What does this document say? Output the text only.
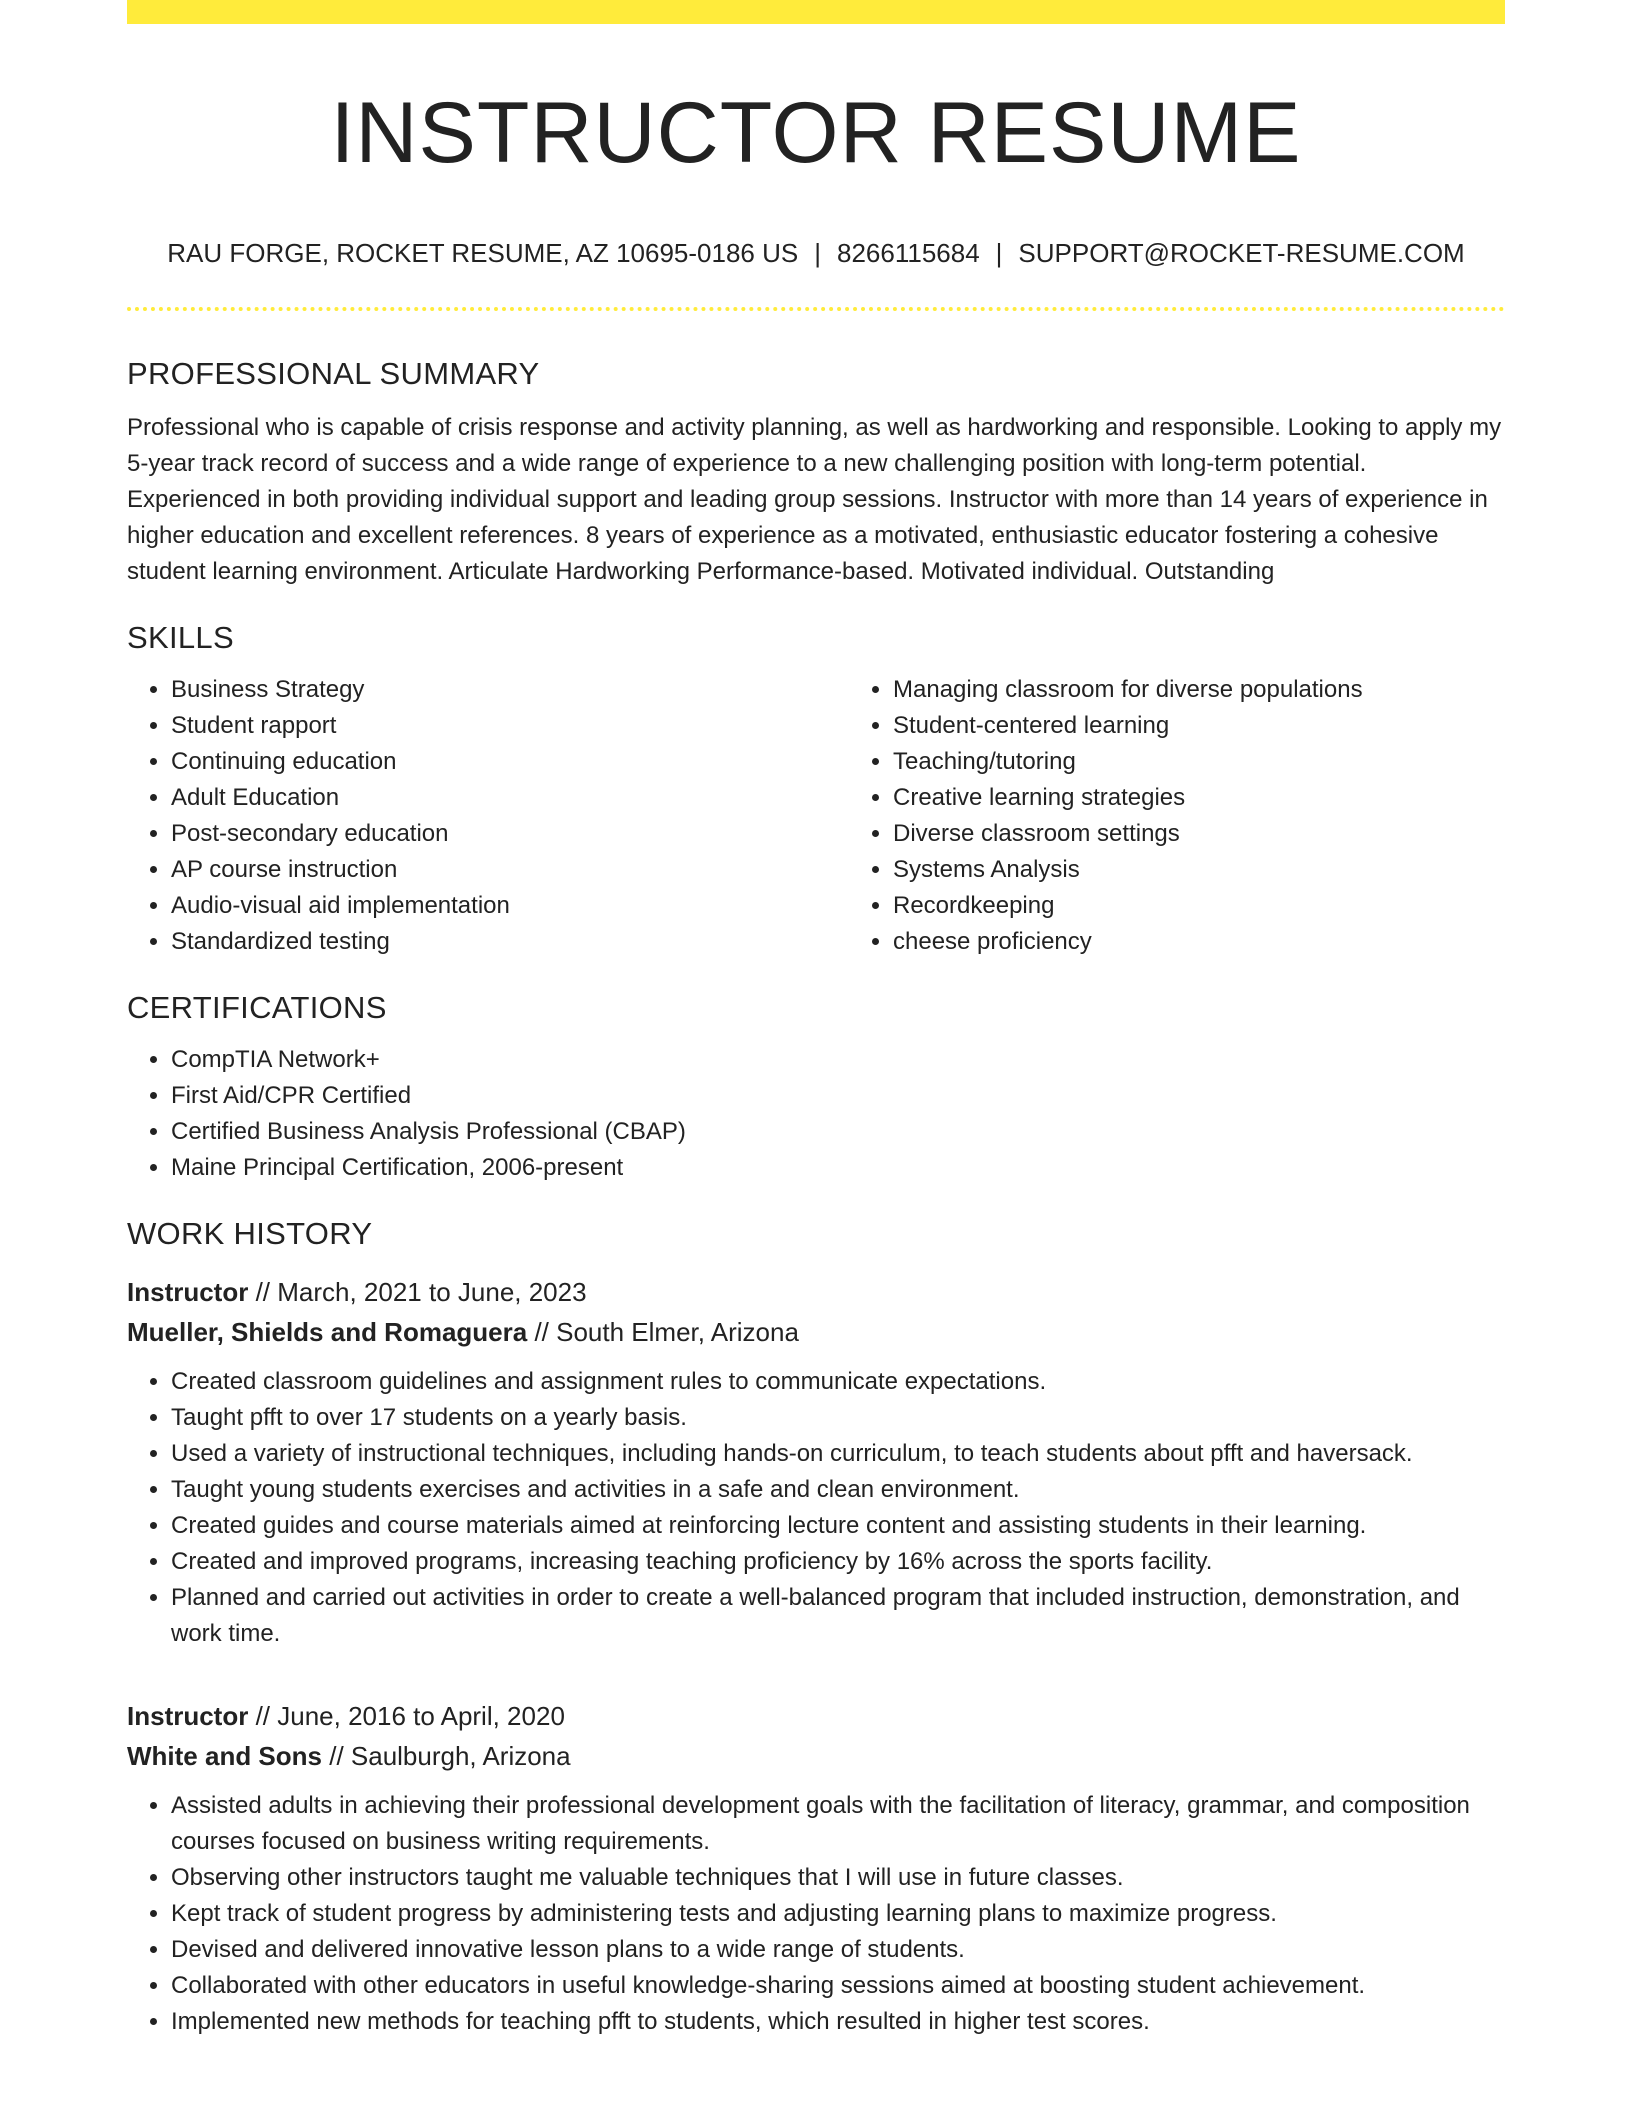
INSTRUCTOR RESUME
RAU FORGE, ROCKET RESUME, AZ 10695-0186 US | 8266115684 | SUPPORT@ROCKET-RESUME.COM
PROFESSIONAL SUMMARY

Professional who is capable of crisis response and activity planning, as well as hardworking and responsible. Looking to apply my 5-year track record of success and a wide range of experience to a new challenging position with long-term potential. Experienced in both providing individual support and leading group sessions. Instructor with more than 14 years of experience in higher education and excellent references. 8 years of experience as a motivated, enthusiastic educator fostering a cohesive student learning environment. Articulate Hardworking Performance-based. Motivated individual. Outstanding

SKILLS
• Business Strategy
• Student rapport
• Continuing education
• Adult Education
• Post-secondary education
• AP course instruction
• Audio-visual aid implementation
• Standardized testing
• Managing classroom for diverse populations
• Student-centered learning
• Teaching/tutoring
• Creative learning strategies
• Diverse classroom settings
• Systems Analysis
• Recordkeeping
• cheese proficiency
CERTIFICATIONS
• CompTIA Network+
• First Aid/CPR Certified
• Certified Business Analysis Professional (CBAP)
• Maine Principal Certification, 2006-present
WORK HISTORY
Instructor // March, 2021 to June, 2023
Mueller, Shields and Romaguera // South Elmer, Arizona
• Created classroom guidelines and assignment rules to communicate expectations.
• Taught pfft to over 17 students on a yearly basis.
• Used a variety of instructional techniques, including hands-on curriculum, to teach students about pfft and haversack.
• Taught young students exercises and activities in a safe and clean environment.
• Created guides and course materials aimed at reinforcing lecture content and assisting students in their learning.
• Created and improved programs, increasing teaching proficiency by 16% across the sports facility.
• Planned and carried out activities in order to create a well-balanced program that included instruction, demonstration, and work time.
Instructor // June, 2016 to April, 2020
White and Sons // Saulburgh, Arizona
• Assisted adults in achieving their professional development goals with the facilitation of literacy, grammar, and composition courses focused on business writing requirements.
• Observing other instructors taught me valuable techniques that I will use in future classes.
• Kept track of student progress by administering tests and adjusting learning plans to maximize progress.
• Devised and delivered innovative lesson plans to a wide range of students.
• Collaborated with other educators in useful knowledge-sharing sessions aimed at boosting student achievement.
• Implemented new methods for teaching pfft to students, which resulted in higher test scores.
